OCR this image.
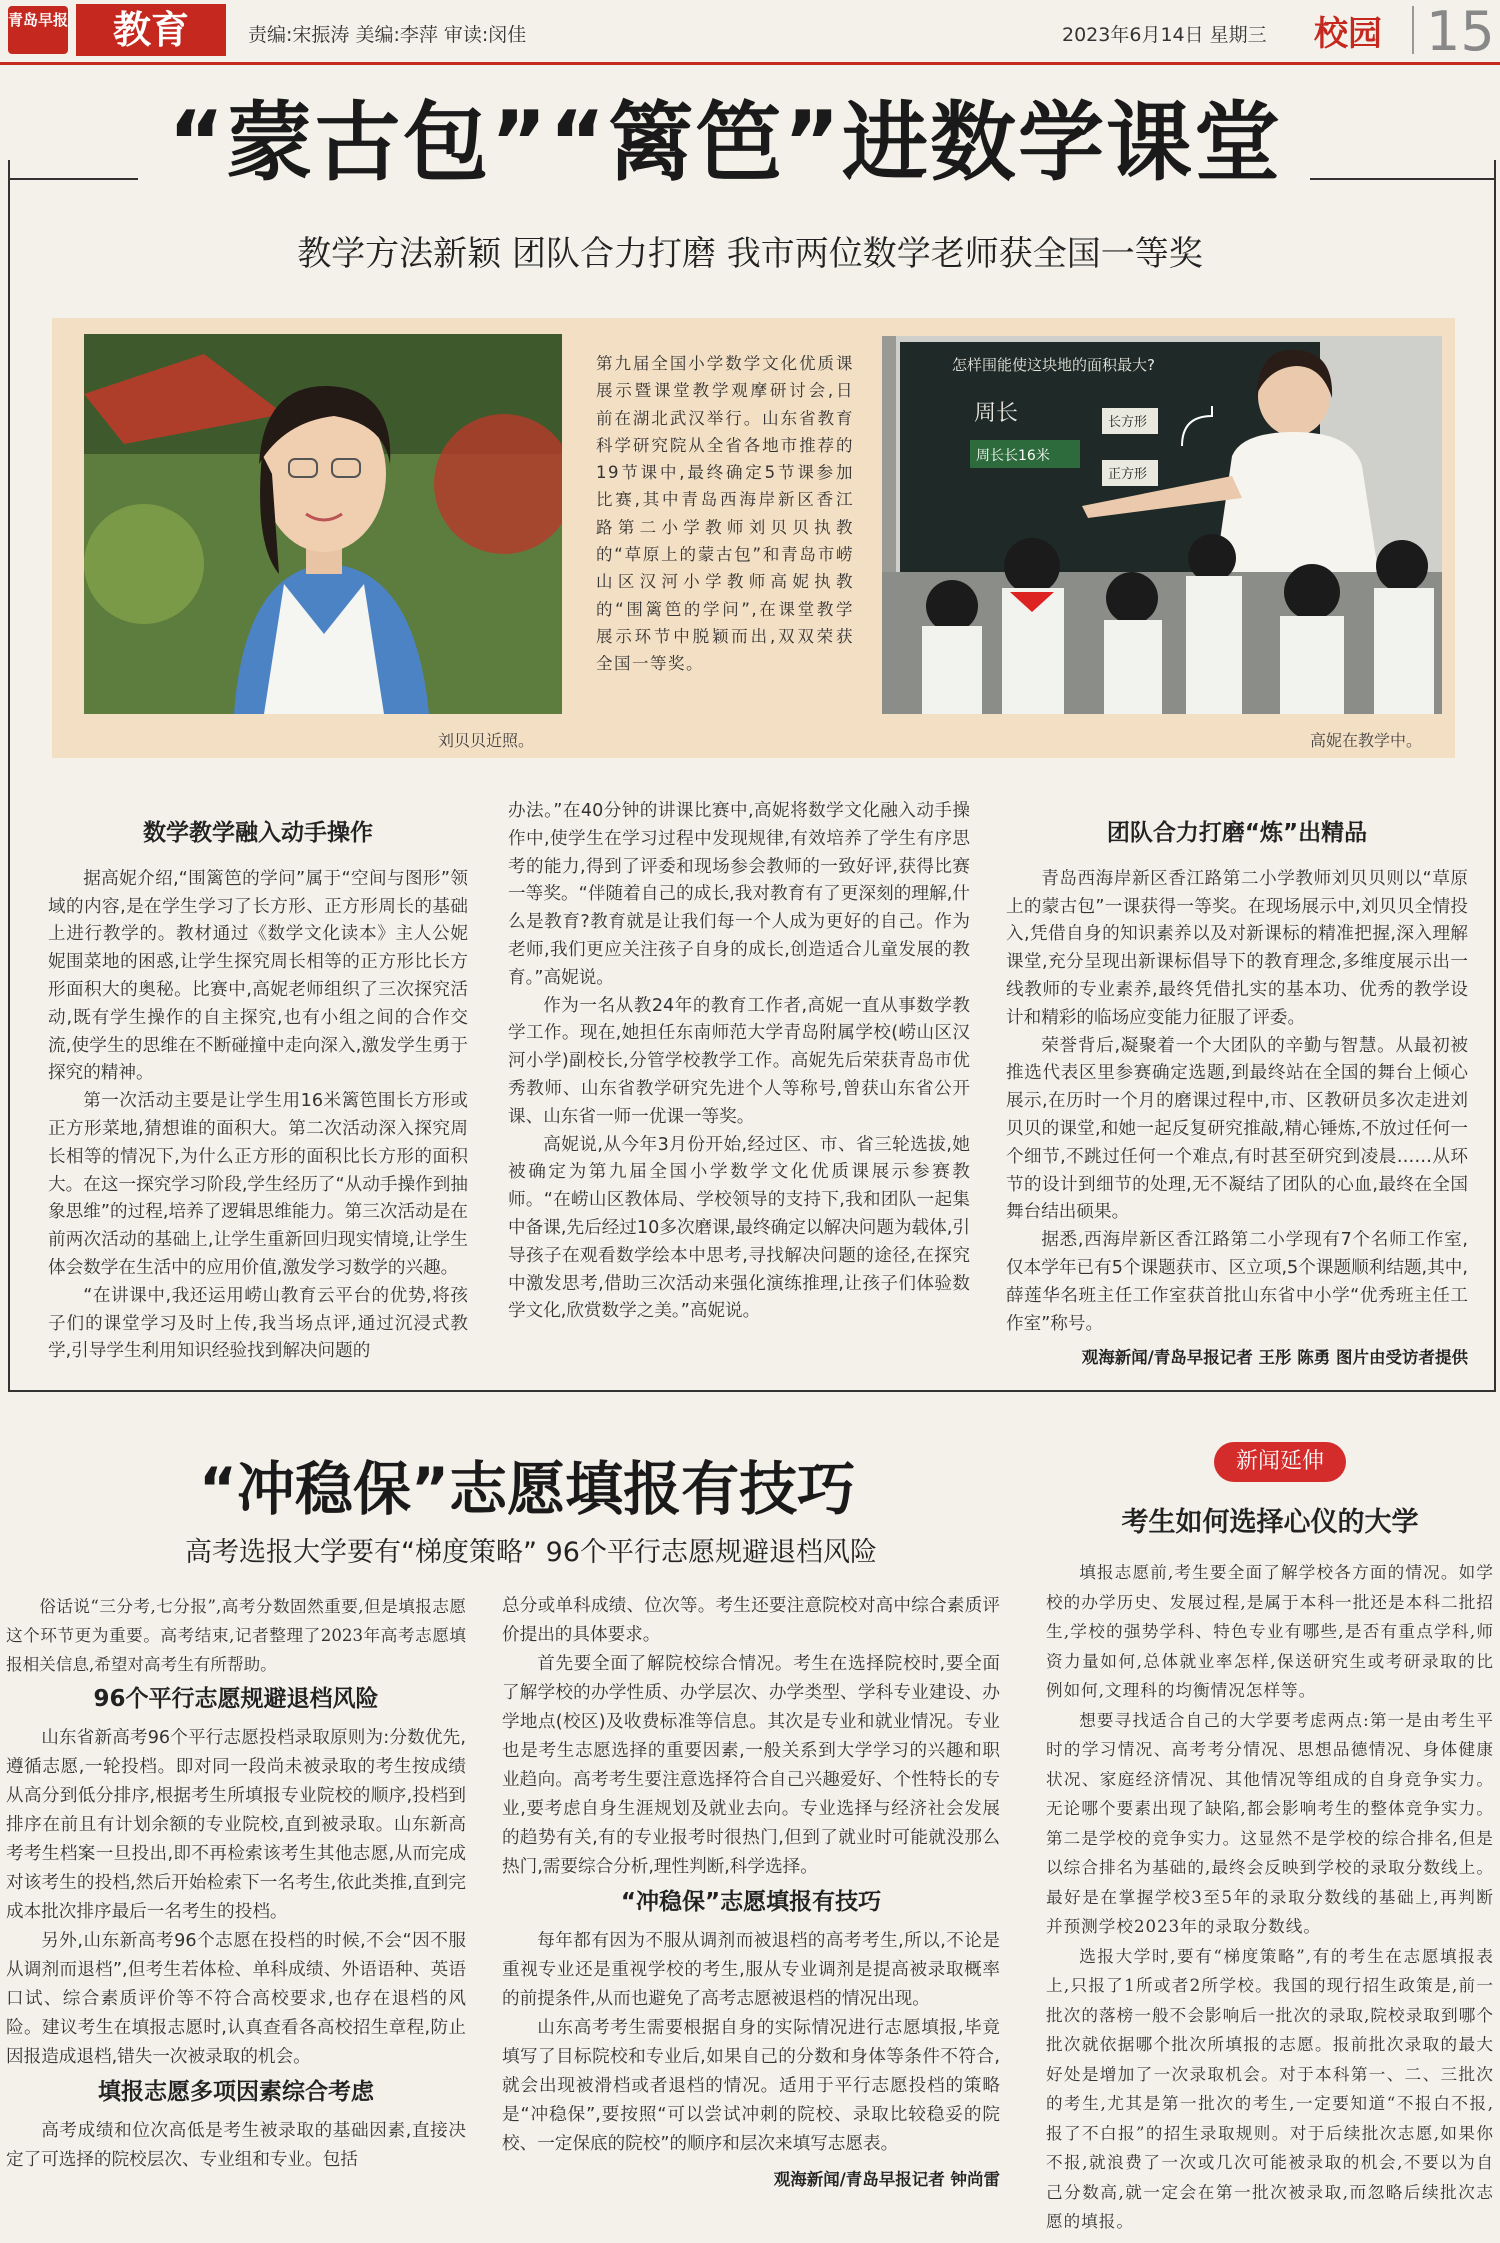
青岛早报	教育	责编:宋振涛 美编:李萍 审读:闵佳	2023年6月14日 星期三 校园 15
“蒙古包”“篱笆”进数学课堂
教学方法新颖 团队合力打磨 我市两位数学老师获全国一等奖
第九届全国小学数学文化优质课展示暨课堂教学观摩研讨会,日前在湖北武汉举行。山东省教育科学研究院从全省各地市推荐的19节课中,最终确定5节课参加比赛,其中青岛西海岸新区香江路第二小学教师刘贝贝执教的“草原上的蒙古包”和青岛市崂山区汉河小学教师高妮执教的“围篱笆的学问”,在课堂教学展示环节中脱颖而出,双双荣获全国一等奖。
怎样围能使这块地的面积最大?
周长
周长长16米
长方形
正方形
刘贝贝近照。	高妮在教学中。
数学教学融入动手操作

据高妮介绍,“围篱笆的学问”属于“空间与图形”领域的内容,是在学生学习了长方形、正方形周长的基础上进行教学的。教材通过《数学文化读本》主人公妮妮围菜地的困惑,让学生探究周长相等的正方形比长方形面积大的奥秘。比赛中,高妮老师组织了三次探究活动,既有学生操作的自主探究,也有小组之间的合作交流,使学生的思维在不断碰撞中走向深入,激发学生勇于探究的精神。

第一次活动主要是让学生用16米篱笆围长方形或正方形菜地,猜想谁的面积大。第二次活动深入探究周长相等的情况下,为什么正方形的面积比长方形的面积大。在这一探究学习阶段,学生经历了“从动手操作到抽象思维”的过程,培养了逻辑思维能力。第三次活动是在前两次活动的基础上,让学生重新回归现实情境,让学生体会数学在生活中的应用价值,激发学习数学的兴趣。

“在讲课中,我还运用崂山教育云平台的优势,将孩子们的课堂学习及时上传,我当场点评,通过沉浸式教学,引导学生利用知识经验找到解决问题的

办法。”在40分钟的讲课比赛中,高妮将数学文化融入动手操作中,使学生在学习过程中发现规律,有效培养了学生有序思考的能力,得到了评委和现场参会教师的一致好评,获得比赛一等奖。“伴随着自己的成长,我对教育有了更深刻的理解,什么是教育?教育就是让我们每一个人成为更好的自己。作为老师,我们更应关注孩子自身的成长,创造适合儿童发展的教育。”高妮说。

作为一名从教24年的教育工作者,高妮一直从事数学教学工作。现在,她担任东南师范大学青岛附属学校(崂山区汉河小学)副校长,分管学校教学工作。高妮先后荣获青岛市优秀教师、山东省教学研究先进个人等称号,曾获山东省公开课、山东省一师一优课一等奖。

高妮说,从今年3月份开始,经过区、市、省三轮选拔,她被确定为第九届全国小学数学文化优质课展示参赛教师。“在崂山区教体局、学校领导的支持下,我和团队一起集中备课,先后经过10多次磨课,最终确定以解决问题为载体,引导孩子在观看数学绘本中思考,寻找解决问题的途径,在探究中激发思考,借助三次活动来强化演练推理,让孩子们体验数学文化,欣赏数学之美。”高妮说。

团队合力打磨“炼”出精品

青岛西海岸新区香江路第二小学教师刘贝贝则以“草原上的蒙古包”一课获得一等奖。在现场展示中,刘贝贝全情投入,凭借自身的知识素养以及对新课标的精准把握,深入理解课堂,充分呈现出新课标倡导下的教育理念,多维度展示出一线教师的专业素养,最终凭借扎实的基本功、优秀的教学设计和精彩的临场应变能力征服了评委。

荣誉背后,凝聚着一个大团队的辛勤与智慧。从最初被推选代表区里参赛确定选题,到最终站在全国的舞台上倾心展示,在历时一个月的磨课过程中,市、区教研员多次走进刘贝贝的课堂,和她一起反复研究推敲,精心锤炼,不放过任何一个细节,不跳过任何一个难点,有时甚至研究到凌晨……从环节的设计到细节的处理,无不凝结了团队的心血,最终在全国舞台结出硕果。

据悉,西海岸新区香江路第二小学现有7个名师工作室,仅本学年已有5个课题获市、区立项,5个课题顺利结题,其中,薛莲华名班主任工作室获首批山东省中小学“优秀班主任工作室”称号。

观海新闻/青岛早报记者 王彤 陈勇 图片由受访者提供
“冲稳保”志愿填报有技巧
高考选报大学要有“梯度策略” 96个平行志愿规避退档风险

俗话说“三分考,七分报”,高考分数固然重要,但是填报志愿这个环节更为重要。高考结束,记者整理了2023年高考志愿填报相关信息,希望对高考生有所帮助。

96个平行志愿规避退档风险

山东省新高考96个平行志愿投档录取原则为:分数优先,遵循志愿,一轮投档。即对同一段尚未被录取的考生按成绩从高分到低分排序,根据考生所填报专业院校的顺序,投档到排序在前且有计划余额的专业院校,直到被录取。山东新高考考生档案一旦投出,即不再检索该考生其他志愿,从而完成对该考生的投档,然后开始检索下一名考生,依此类推,直到完成本批次排序最后一名考生的投档。

另外,山东新高考96个志愿在投档的时候,不会“因不服从调剂而退档”,但考生若体检、单科成绩、外语语种、英语口试、综合素质评价等不符合高校要求,也存在退档的风险。建议考生在填报志愿时,认真查看各高校招生章程,防止因报造成退档,错失一次被录取的机会。

填报志愿多项因素综合考虑

高考成绩和位次高低是考生被录取的基础因素,直接决定了可选择的院校层次、专业组和专业。包括

总分或单科成绩、位次等。考生还要注意院校对高中综合素质评价提出的具体要求。

首先要全面了解院校综合情况。考生在选择院校时,要全面了解学校的办学性质、办学层次、办学类型、学科专业建设、办学地点(校区)及收费标准等信息。其次是专业和就业情况。专业也是考生志愿选择的重要因素,一般关系到大学学习的兴趣和职业趋向。高考考生要注意选择符合自己兴趣爱好、个性特长的专业,要考虑自身生涯规划及就业去向。专业选择与经济社会发展的趋势有关,有的专业报考时很热门,但到了就业时可能就没那么热门,需要综合分析,理性判断,科学选择。

“冲稳保”志愿填报有技巧

每年都有因为不服从调剂而被退档的高考考生,所以,不论是重视专业还是重视学校的考生,服从专业调剂是提高被录取概率的前提条件,从而也避免了高考志愿被退档的情况出现。

山东高考考生需要根据自身的实际情况进行志愿填报,毕竟填写了目标院校和专业后,如果自己的分数和身体等条件不符合,就会出现被滑档或者退档的情况。适用于平行志愿投档的策略是“冲稳保”,要按照“可以尝试冲刺的院校、录取比较稳妥的院校、一定保底的院校”的顺序和层次来填写志愿表。

观海新闻/青岛早报记者 钟尚雷
新闻延伸
考生如何选择心仪的大学

填报志愿前,考生要全面了解学校各方面的情况。如学校的办学历史、发展过程,是属于本科一批还是本科二批招生,学校的强势学科、特色专业有哪些,是否有重点学科,师资力量如何,总体就业率怎样,保送研究生或考研录取的比例如何,文理科的均衡情况怎样等。

想要寻找适合自己的大学要考虑两点:第一是由考生平时的学习情况、高考考分情况、思想品德情况、身体健康状况、家庭经济情况、其他情况等组成的自身竞争实力。无论哪个要素出现了缺陷,都会影响考生的整体竞争实力。第二是学校的竞争实力。这显然不是学校的综合排名,但是以综合排名为基础的,最终会反映到学校的录取分数线上。最好是在掌握学校3至5年的录取分数线的基础上,再判断并预测学校2023年的录取分数线。

选报大学时,要有“梯度策略”,有的考生在志愿填报表上,只报了1所或者2所学校。我国的现行招生政策是,前一批次的落榜一般不会影响后一批次的录取,院校录取到哪个批次就依据哪个批次所填报的志愿。报前批次录取的最大好处是增加了一次录取机会。对于本科第一、二、三批次的考生,尤其是第一批次的考生,一定要知道“不报白不报,报了不白报”的招生录取规则。对于后续批次志愿,如果你不报,就浪费了一次或几次可能被录取的机会,不要以为自己分数高,就一定会在第一批次被录取,而忽略后续批次志愿的填报。
